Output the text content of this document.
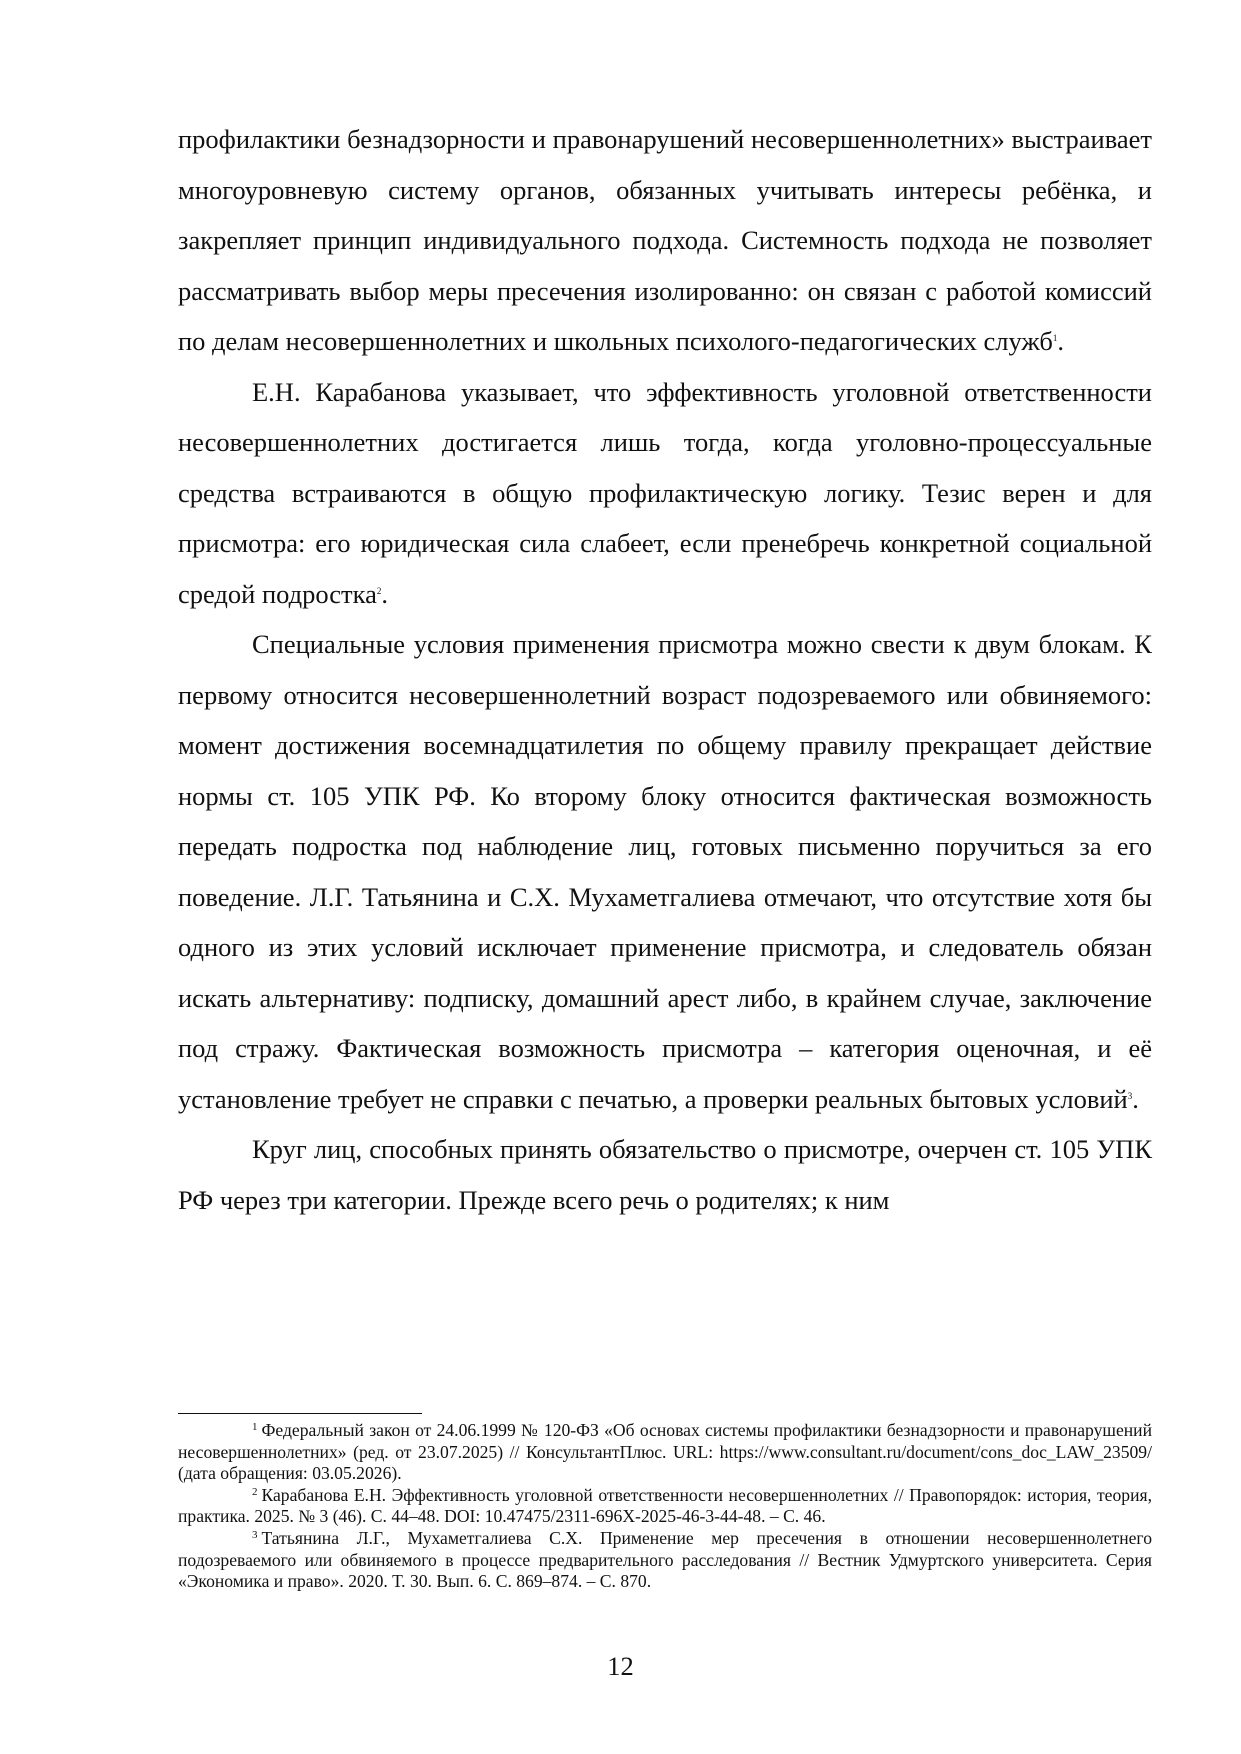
профилактики безнадзорности и правонарушений несовершеннолетних» выстраивает многоуровневую систему органов, обязанных учитывать интересы ребёнка, и закрепляет принцип индивидуального подхода. Системность подхода не позволяет рассматривать выбор меры пресечения изолированно: он связан с работой комиссий по делам несовершеннолетних и школьных психолого-педагогических служб$^1$.

Е.Н. Карабанова указывает, что эффективность уголовной ответственности несовершеннолетних достигается лишь тогда, когда уголовно-процессуальные средства встраиваются в общую профилактическую логику. Тезис верен и для присмотра: его юридическая сила слабеет, если пренебречь конкретной социальной средой подростка$^2$.

Специальные условия применения присмотра можно свести к двум блокам. К первому относится несовершеннолетний возраст подозреваемого или обвиняемого: момент достижения восемнадцатилетия по общему правилу прекращает действие нормы ст. 105 УПК РФ. Ко второму блоку относится фактическая возможность передать подростка под наблюдение лиц, готовых письменно поручиться за его поведение. Л.Г. Татьянина и С.Х. Мухаметгалиева отмечают, что отсутствие хотя бы одного из этих условий исключает применение присмотра, и следователь обязан искать альтернативу: подписку, домашний арест либо, в крайнем случае, заключение под стражу. Фактическая возможность присмотра – категория оценочная, и её установление требует не справки с печатью, а проверки реальных бытовых условий$^3$.

Круг лиц, способных принять обязательство о присмотре, очерчен ст. 105 УПК РФ через три категории. Прежде всего речь о родителях; к ним

$^1$ Федеральный закон от 24.06.1999 № 120-ФЗ «Об основах системы профилактики безнадзорности и правонарушений несовершеннолетних» (ред. от 23.07.2025) // КонсультантПлюс. URL: https://www.consultant.ru/document/cons_doc_LAW_23509/ (дата обращения: 03.05.2026).

$^2$ Карабанова Е.Н. Эффективность уголовной ответственности несовершеннолетних // Правопорядок: история, теория, практика. 2025. № 3 (46). С. 44–48. DOI: 10.47475/2311-696X-2025-46-3-44-48. – С. 46.

$^3$ Татьянина Л.Г., Мухаметгалиева С.Х. Применение мер пресечения в отношении несовершеннолетнего подозреваемого или обвиняемого в процессе предварительного расследования // Вестник Удмуртского университета. Серия «Экономика и право». 2020. Т. 30. Вып. 6. С. 869–874. – С. 870.

12
